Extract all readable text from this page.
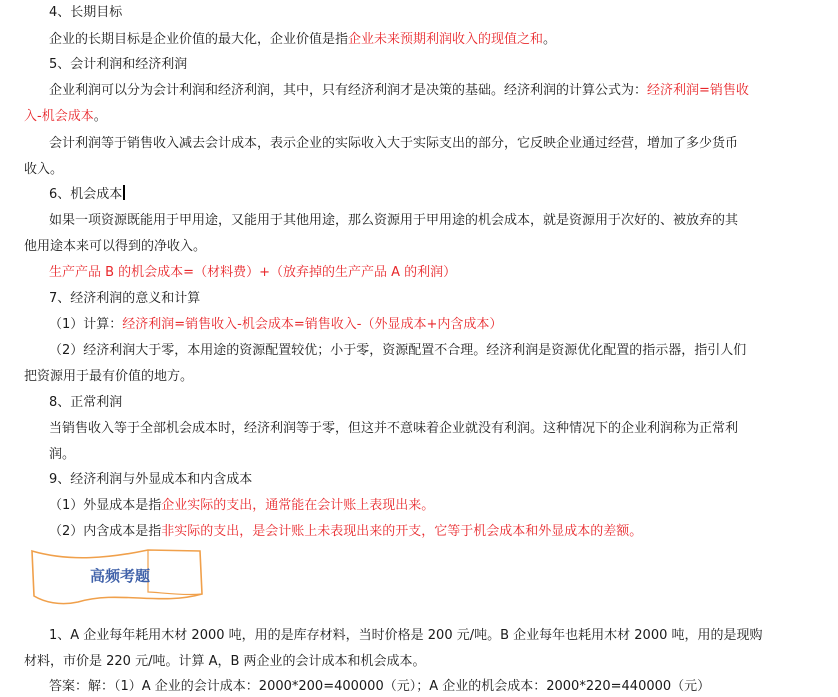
4、长期目标
企业的长期目标是企业价值的最大化，企业价值是指企业未来预期利润收入的现值之和。
5、会计利润和经济利润
企业利润可以分为会计利润和经济利润，其中，只有经济利润才是决策的基础。经济利润的计算公式为：经济利润=销售收
入-机会成本。
会计利润等于销售收入减去会计成本，表示企业的实际收入大于实际支出的部分，它反映企业通过经营，增加了多少货币
收入。
6、机会成本
如果一项资源既能用于甲用途，又能用于其他用途，那么资源用于甲用途的机会成本，就是资源用于次好的、被放弃的其
他用途本来可以得到的净收入。
生产产品 B 的机会成本=（材料费）+（放弃掉的生产产品 A 的利润）
7、经济利润的意义和计算
（1）计算：经济利润=销售收入-机会成本=销售收入-（外显成本+内含成本）
（2）经济利润大于零，本用途的资源配置较优；小于零，资源配置不合理。经济利润是资源优化配置的指示器，指引人们
把资源用于最有价值的地方。
8、正常利润
当销售收入等于全部机会成本时，经济利润等于零，但这并不意味着企业就没有利润。这种情况下的企业利润称为正常利
润。
9、经济利润与外显成本和内含成本
（1）外显成本是指企业实际的支出，通常能在会计账上表现出来。
（2）内含成本是指非实际的支出，是会计账上未表现出来的开支，它等于机会成本和外显成本的差额。
高频考题
1、A 企业每年耗用木材 2000 吨，用的是库存材料，当时价格是 200 元/吨。B 企业每年也耗用木材 2000 吨，用的是现购
材料，市价是 220 元/吨。计算 A，B 两企业的会计成本和机会成本。
答案：解：（1）A 企业的会计成本：2000*200=400000（元）；A 企业的机会成本：2000*220=440000（元）
